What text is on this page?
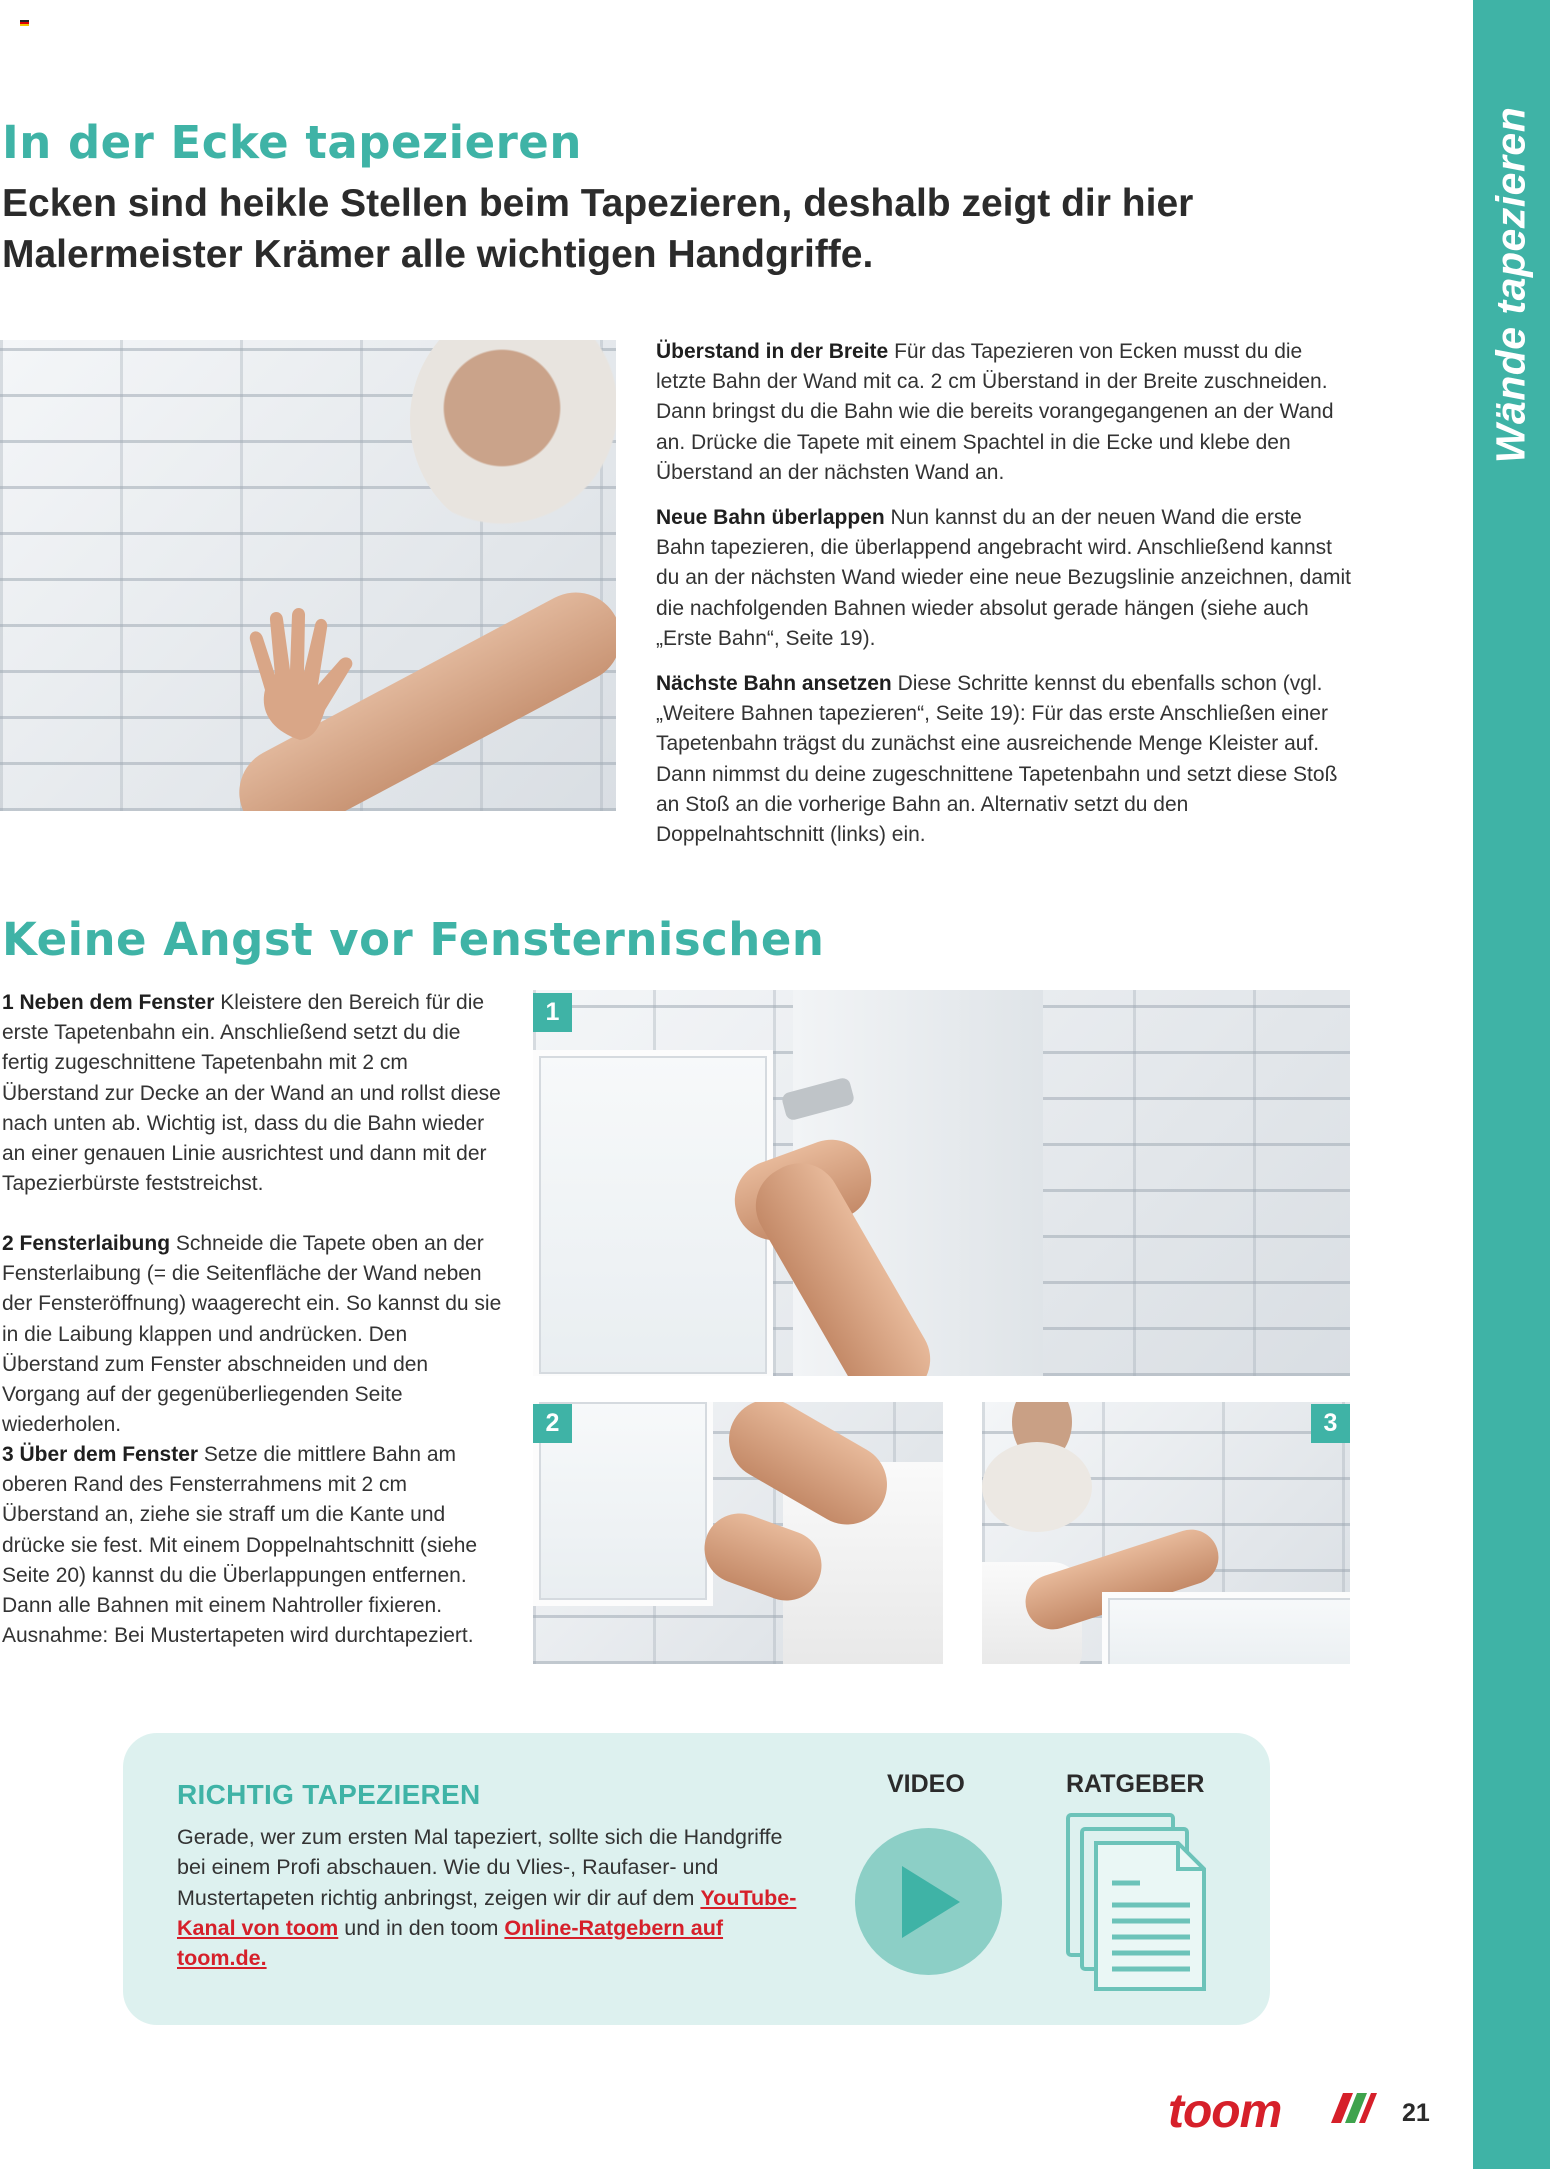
Wände tapezieren
In der Ecke tapezieren

Ecken sind heikle Stellen beim Tapezieren, deshalb zeigt dir hier Malermeister Krämer alle wichtigen Handgriffe.

Überstand in der Breite Für das Tapezieren von Ecken musst du die letzte Bahn der Wand mit ca. 2 cm Überstand in der Breite zuschneiden. Dann bringst du die Bahn wie die bereits vorangegangenen an der Wand an. Drücke die Tapete mit einem Spachtel in die Ecke und klebe den Überstand an der nächsten Wand an.

Neue Bahn überlappen Nun kannst du an der neuen Wand die erste Bahn tapezieren, die überlappend angebracht wird. Anschließend kannst du an der nächsten Wand wieder eine neue Bezugslinie anzeichnen, damit die nachfolgenden Bahnen wieder absolut gerade hängen (siehe auch „Erste Bahn“, Seite 19).

Nächste Bahn ansetzen Diese Schritte kennst du ebenfalls schon (vgl. „Weitere Bahnen tapezieren“, Seite 19): Für das erste Anschließen einer Tapetenbahn trägst du zunächst eine ausreichende Menge Kleister auf. Dann nimmst du deine zugeschnittene Tapetenbahn und setzt diese Stoß an Stoß an die vorherige Bahn an. Alternativ setzt du den Doppelnahtschnitt (links) ein.

Keine Angst vor Fensternischen

1 Neben dem Fenster Kleistere den Bereich für die erste Tapetenbahn ein. Anschließend setzt du die fertig zugeschnittene Tapetenbahn mit 2 cm Überstand zur Decke an der Wand an und rollst diese nach unten ab. Wichtig ist, dass du die Bahn wieder an einer genauen Linie ausrichtest und dann mit der Tapezierbürste feststreichst.

2 Fensterlaibung Schneide die Tapete oben an der Fensterlaibung (= die Seitenfläche der Wand neben der Fensteröffnung) waagerecht ein. So kannst du sie in die Laibung klappen und andrücken. Den Überstand zum Fenster abschneiden und den Vorgang auf der gegenüberliegenden Seite wiederholen.

3 Über dem Fenster Setze die mittlere Bahn am oberen Rand des Fensterrahmens mit 2 cm Überstand an, ziehe sie straff um die Kante und drücke sie fest. Mit einem Doppelnahtschnitt (siehe Seite 20) kannst du die Überlappungen entfernen. Dann alle Bahnen mit einem Nahtroller fixieren. Ausnahme: Bei Mustertapeten wird durchtapeziert.

1
2	3
RICHTIG TAPEZIEREN

Gerade, wer zum ersten Mal tapeziert, sollte sich die Handgriffe bei einem Profi abschauen. Wie du Vlies-, Raufaser- und Mustertapeten richtig anbringst, zeigen wir dir auf dem YouTube-Kanal von toom und in den toom Online-Ratgebern auf toom.de.

VIDEO	RATGEBER
toom	21
